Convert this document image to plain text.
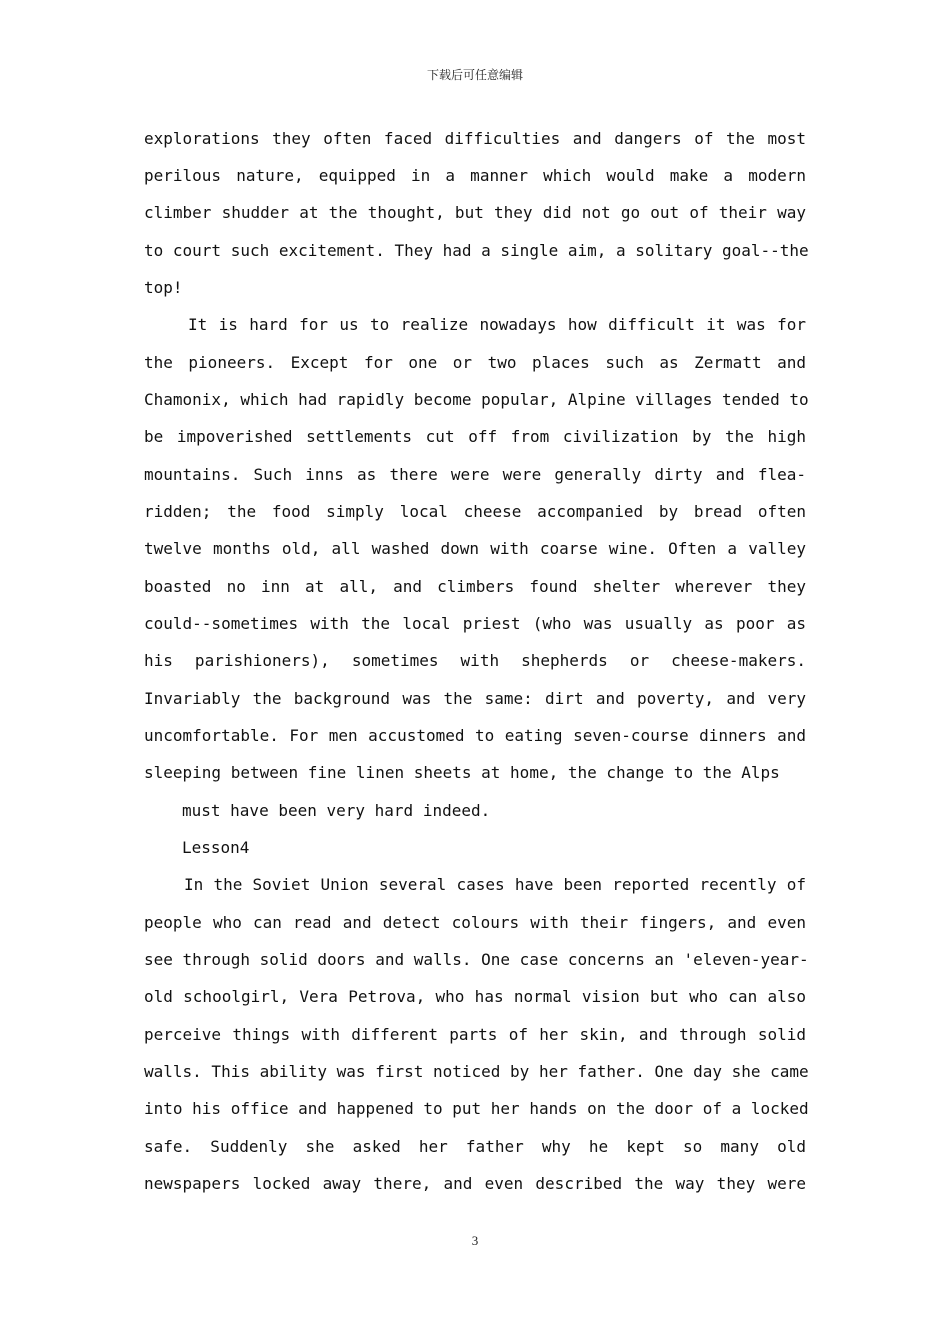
下载后可任意编辑
explorations they often faced difficulties and dangers of the most
perilous nature, equipped in a manner which would make a modern
climber shudder at the thought, but they did not go out of their way
to court such excitement. They had a single aim, a solitary goal--the
top!
It is hard for us to realize nowadays how difficult it was for
the pioneers. Except for one or two places such as Zermatt and
Chamonix, which had rapidly become popular, Alpine villages tended to
be impoverished settlements cut off from civilization by the high
mountains. Such inns as there were were generally dirty and flea-
ridden; the food simply local cheese accompanied by bread often
twelve months old, all washed down with coarse wine. Often a valley
boasted no inn at all, and climbers found shelter wherever they
could--sometimes with the local priest (who was usually as poor as
his parishioners), sometimes with shepherds or cheese-makers.
Invariably the background was the same: dirt and poverty, and very
uncomfortable. For men accustomed to eating seven-course dinners and
sleeping between fine linen sheets at home, the change to the Alps
must have been very hard indeed.
Lesson4
In the Soviet Union several cases have been reported recently of
people who can read and detect colours with their fingers, and even
see through solid doors and walls. One case concerns an 'eleven-year-
old schoolgirl, Vera Petrova, who has normal vision but who can also
perceive things with different parts of her skin, and through solid
walls. This ability was first noticed by her father. One day she came
into his office and happened to put her hands on the door of a locked
safe. Suddenly she asked her father why he kept so many old
newspapers locked away there, and even described the way they were
3
